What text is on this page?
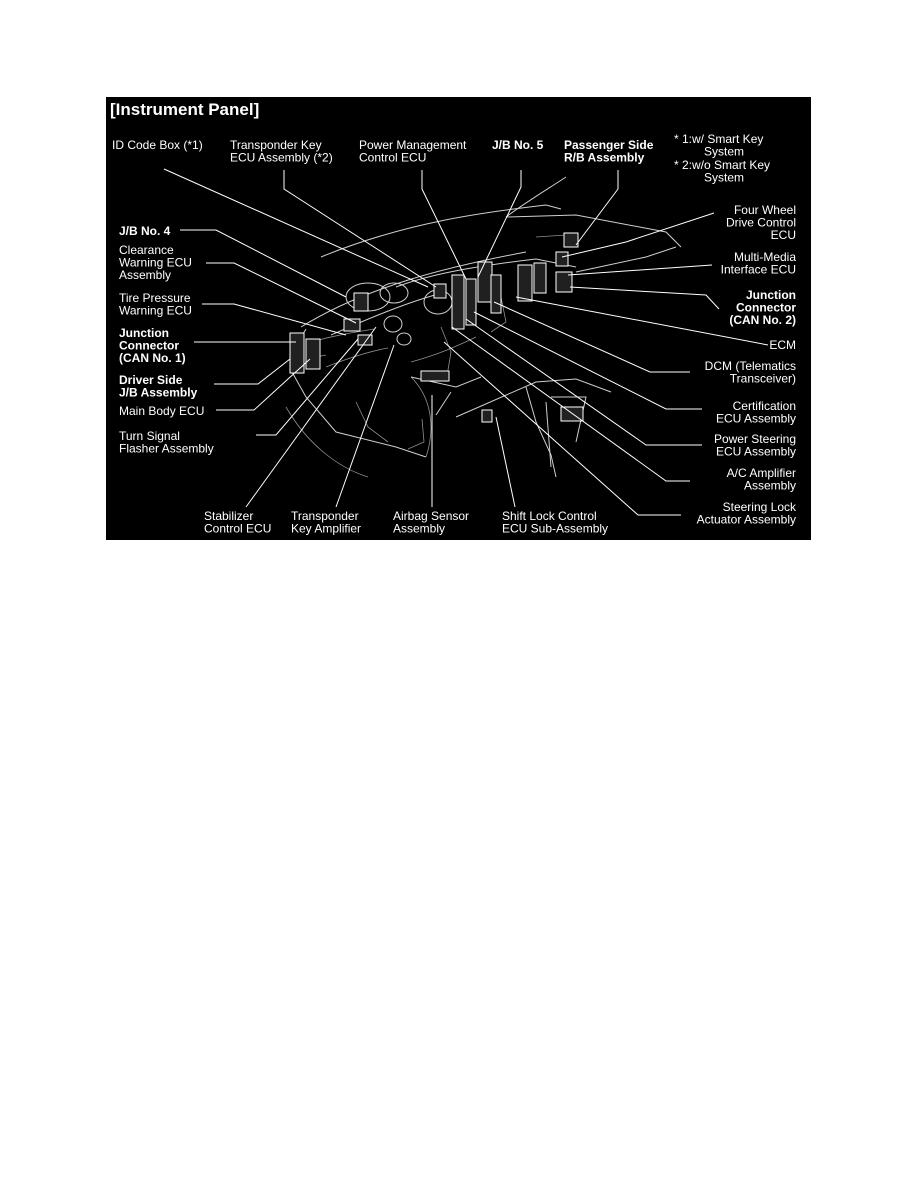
[Instrument Panel]
ID Code Box (*1) Transponder Key ECU Assembly (*2)
Power Management Control ECU
J/B No. 5 Passenger Side R/B Assembly
J/B No. 4
Clearance Warning ECU Assembly
Tire Pressure Warning ECU
Junction Connector (CAN No. 1)
Driver Side J/B Assembly
Main Body ECU
Turn Signal Flasher Assembly
Stabilizer Control ECU
Transponder Key Amplifier
Airbag Sensor Assembly
Shift Lock Control ECU Sub-Assembly
Four Wheel Drive Control ECU
Multi-Media Interface ECU
Junction Connector (CAN No. 2)
ECM
DCM (Telematics Transceiver)
Certification ECU Assembly
Power Steering ECU Assembly
A/C Amplifier Assembly
Steering Lock Actuator Assembly
* 1:w/ Smart Key System
* 2:w/o Smart Key System
